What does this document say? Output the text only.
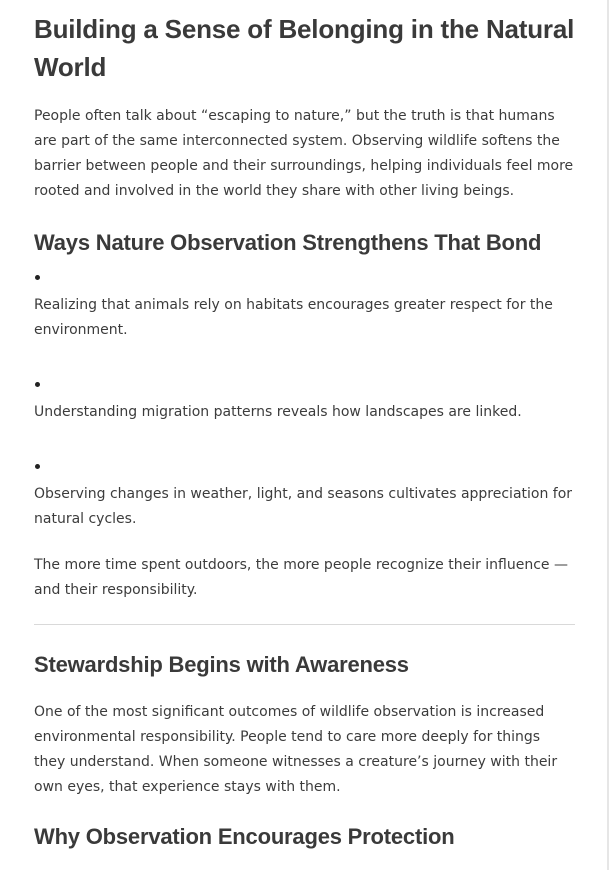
Building a Sense of Belonging in the Natural World

People often talk about “escaping to nature,” but the truth is that humans are part of the same interconnected system. Observing wildlife softens the barrier between people and their surroundings, helping individuals feel more rooted and involved in the world they share with other living beings.

Ways Nature Observation Strengthens That Bond

Realizing that animals rely on habitats encourages greater respect for the environment.

Understanding migration patterns reveals how landscapes are linked.

Observing changes in weather, light, and seasons cultivates appreciation for natural cycles.

The more time spent outdoors, the more people recognize their influence — and their responsibility.

Stewardship Begins with Awareness

One of the most significant outcomes of wildlife observation is increased environmental responsibility. People tend to care more deeply for things they understand. When someone witnesses a creature’s journey with their own eyes, that experience stays with them.

Why Observation Encourages Protection
